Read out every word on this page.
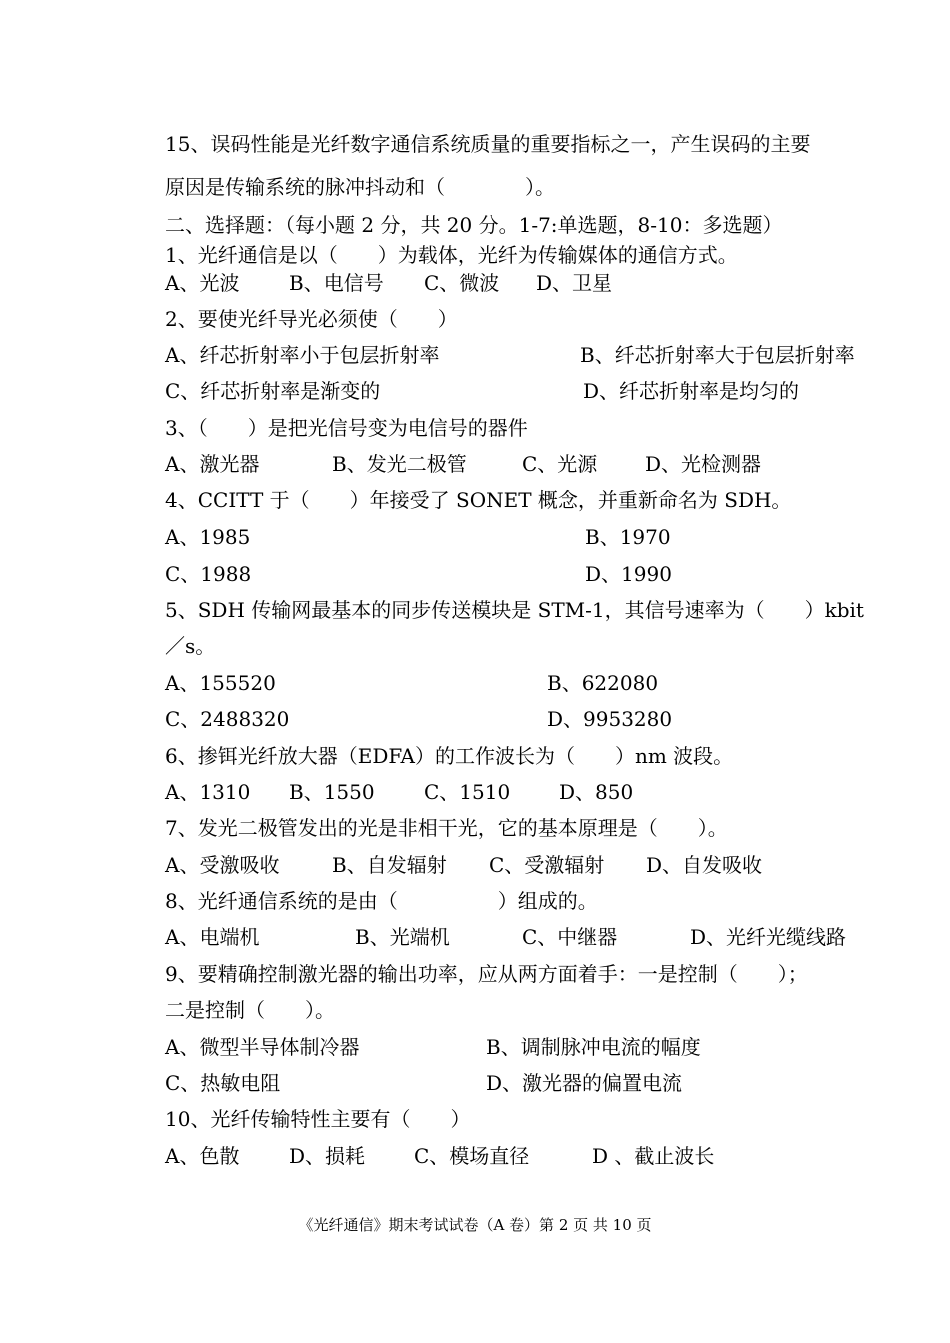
15、误码性能是光纤数字通信系统质量的重要指标之一，产生误码的主要
原因是传输系统的脉冲抖动和（　　　　）。
二、选择题：（每小题 2 分，共 20 分。1-7:单选题，8-10：多选题）
1、光纤通信是以（　　）为载体，光纤为传输媒体的通信方式。
A、光波 B、电信号 C、微波 D、卫星
2、要使光纤导光必须使（　　）
A、纤芯折射率小于包层折射率	B、纤芯折射率大于包层折射率
C、纤芯折射率是渐变的	D、纤芯折射率是均匀的
3、（　　）是把光信号变为电信号的器件
A、激光器	B、发光二极管	C、光源 D、光检测器
4、CCITT 于（　　）年接受了 SONET 概念，并重新命名为 SDH。
A、1985	B、1970
C、1988	D、1990
5、SDH 传输网最基本的同步传送模块是 STM-1，其信号速率为（　　）kbit
／s。
A、155520	B、622080
C、2488320	D、9953280
6、掺铒光纤放大器（EDFA）的工作波长为（　　）nm 波段。
A、1310 B、1550 C、1510 D、850
7、发光二极管发出的光是非相干光，它的基本原理是（　　）。
A、受激吸收	B、自发辐射 C、受激辐射 D、自发吸收
8、光纤通信系统的是由（　　　　　）组成的。
A、电端机	B、光端机	C、中继器	D、光纤光缆线路
9、要精确控制激光器的输出功率，应从两方面着手：一是控制（　　）；
二是控制（　　）。
A、微型半导体制冷器	B、调制脉冲电流的幅度
C、热敏电阻	D、激光器的偏置电流
10、光纤传输特性主要有（　　）
A、色散 D、损耗 C、模场直径	D 、截止波长
《光纤通信》期末考试试卷（A 卷）第 2 页 共 10 页
